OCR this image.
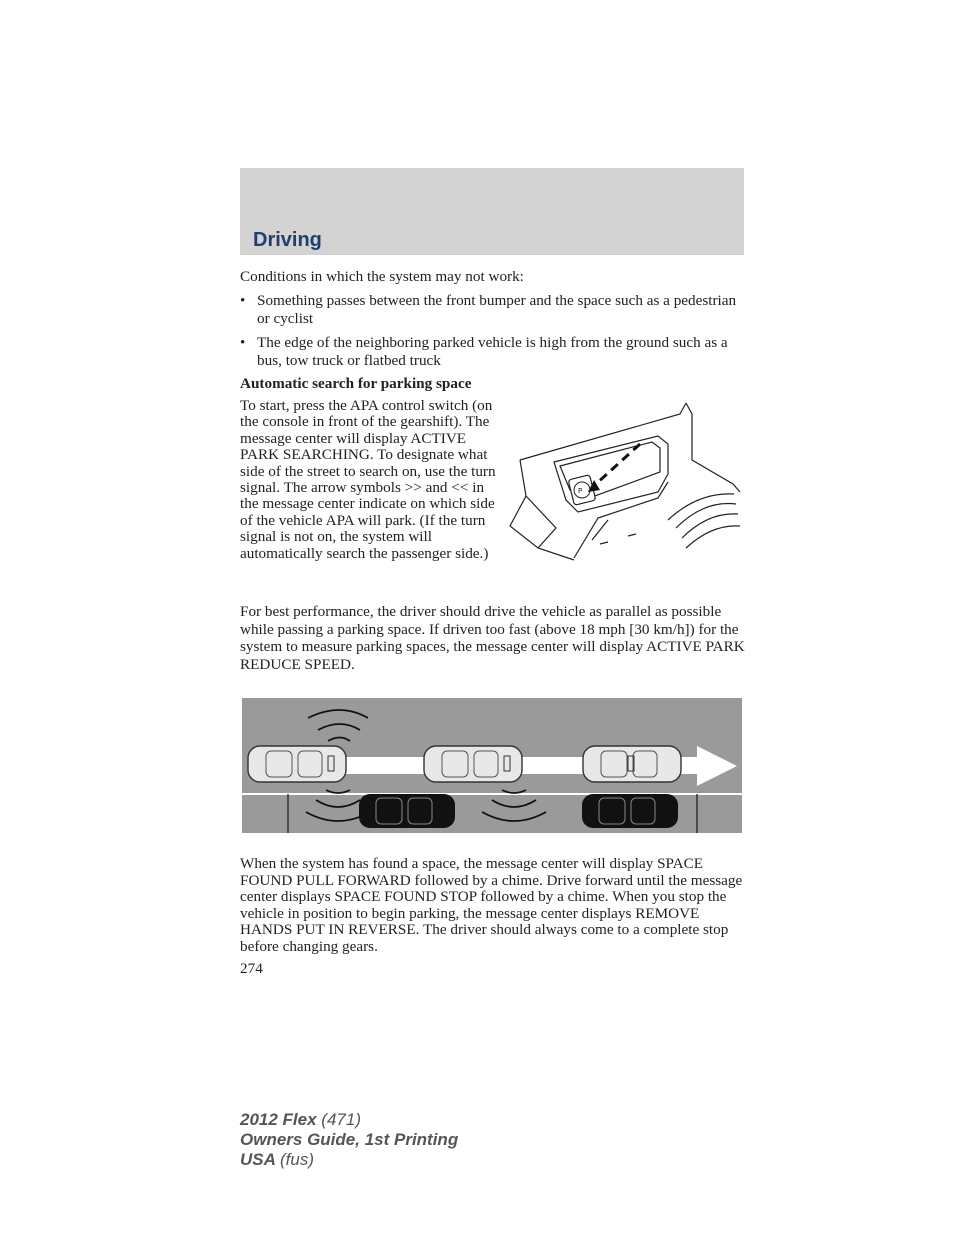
Driving
Conditions in which the system may not work:
• Something passes between the front bumper and the space such as a pedestrian or cyclist
• The edge of the neighboring parked vehicle is high from the ground such as a bus, tow truck or flatbed truck
Automatic search for parking space
To start, press the APA control switch (on the console in front of the gearshift). The message center will display ACTIVE PARK SEARCHING. To designate what side of the street to search on, use the turn signal. The arrow symbols >> and << in the message center indicate on which side of the vehicle APA will park. (If the turn signal is not on, the system will automatically search the passenger side.)
P
For best performance, the driver should drive the vehicle as parallel as possible while passing a parking space. If driven too fast (above 18 mph [30 km/h]) for the system to measure parking spaces, the message center will display ACTIVE PARK REDUCE SPEED.
When the system has found a space, the message center will display SPACE FOUND PULL FORWARD followed by a chime. Drive forward until the message center displays SPACE FOUND STOP followed by a chime. When you stop the vehicle in position to begin parking, the message center displays REMOVE HANDS PUT IN REVERSE. The driver should always come to a complete stop before changing gears.
274
2012 Flex (471)
Owners Guide, 1st Printing
USA (fus)
